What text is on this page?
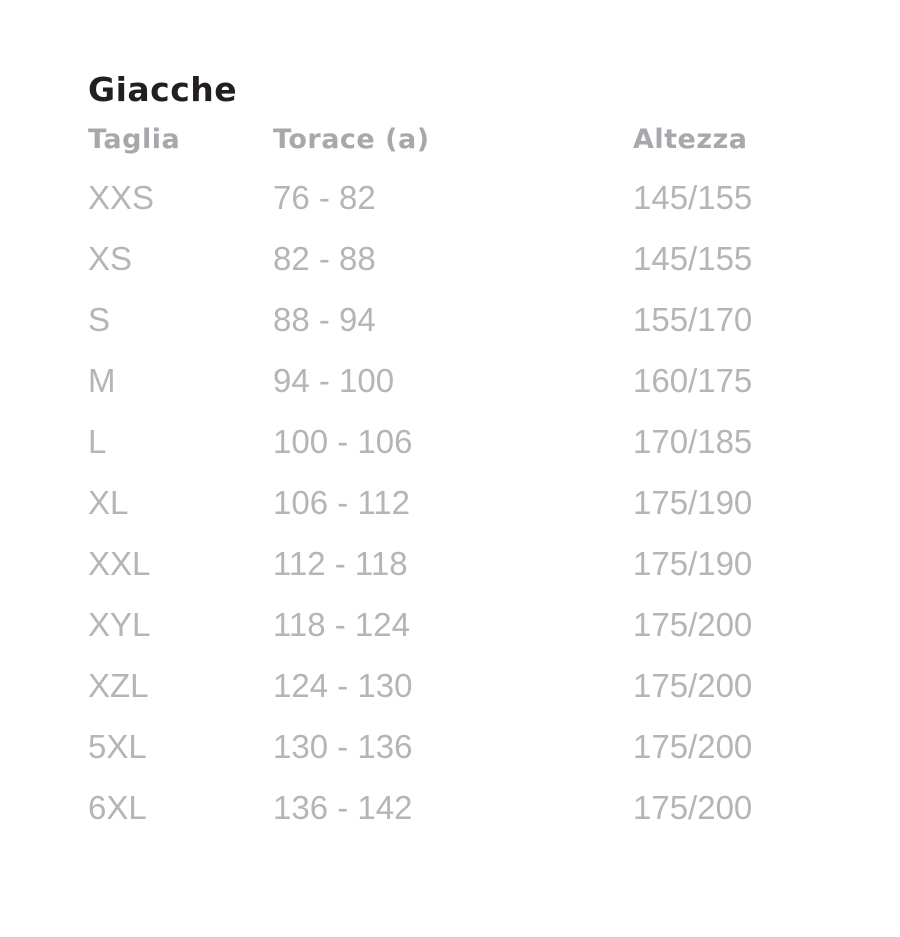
Giacche
Taglia	Torace (a)	Altezza
XXS	76 - 82	145/155
XS	82 - 88	145/155
S	88 - 94	155/170
M	94 - 100	160/175
L	100 - 106	170/185
XL	106 - 112	175/190
XXL	112 - 118	175/190
XYL	118 - 124	175/200
XZL	124 - 130	175/200
5XL	130 - 136	175/200
6XL	136 - 142	175/200
